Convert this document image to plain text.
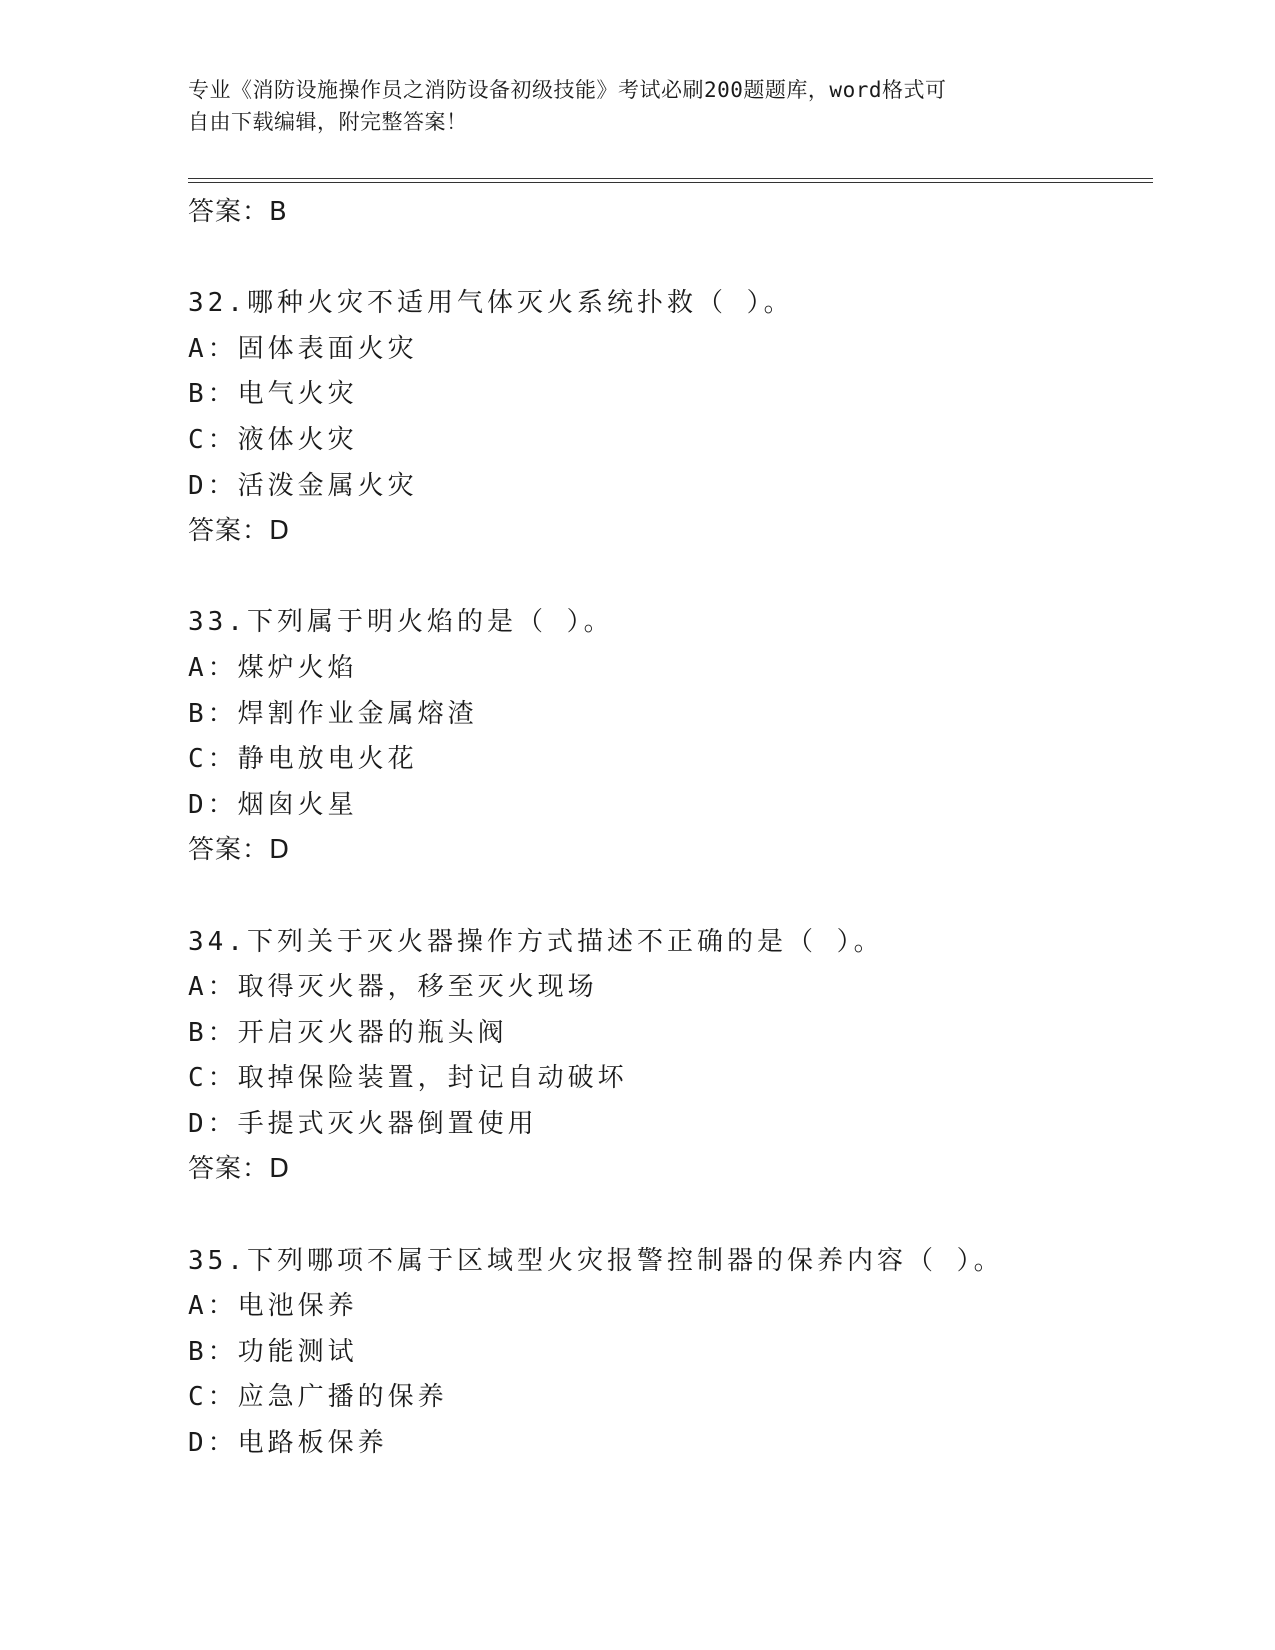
专业《消防设施操作员之消防设备初级技能》考试必刷200题题库，word格式可
自由下载编辑，附完整答案！
答案：B
32.哪种火灾不适用气体灭火系统扑救（ ）。
A：固体表面火灾
B：电气火灾
C：液体火灾
D：活泼金属火灾
答案：D
33.下列属于明火焰的是（ ）。
A：煤炉火焰
B：焊割作业金属熔渣
C：静电放电火花
D：烟囱火星
答案：D
34.下列关于灭火器操作方式描述不正确的是（ ）。
A：取得灭火器，移至灭火现场
B：开启灭火器的瓶头阀
C：取掉保险装置，封记自动破坏
D：手提式灭火器倒置使用
答案：D
35.下列哪项不属于区域型火灾报警控制器的保养内容（ ）。
A：电池保养
B：功能测试
C：应急广播的保养
D：电路板保养
